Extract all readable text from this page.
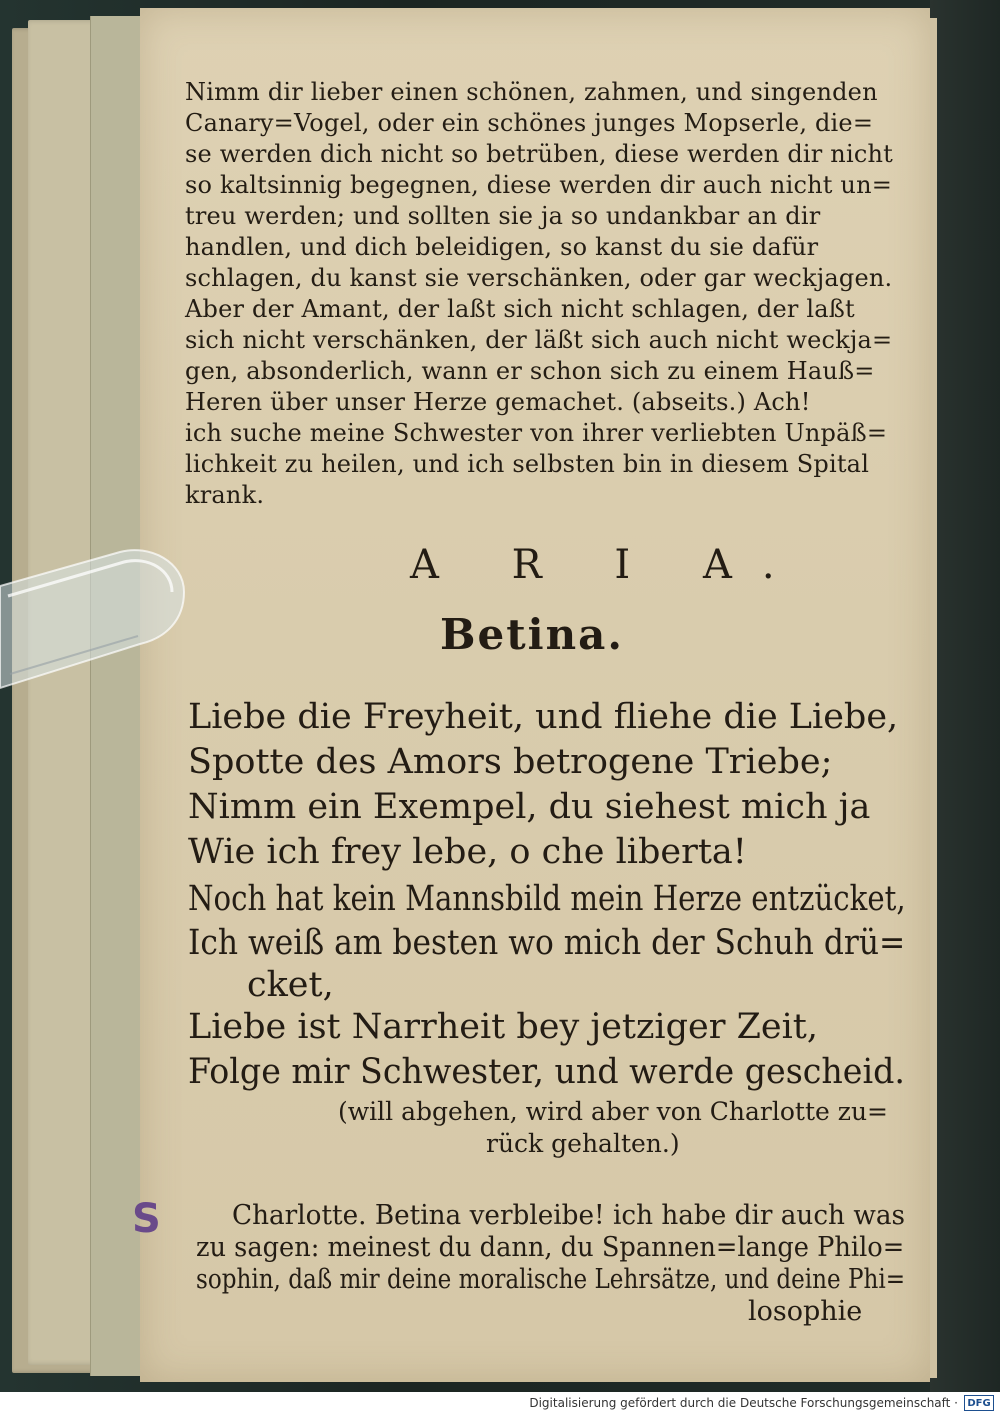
Nimm dir lieber einen schönen, zahmen, und singenden
Canary=Vogel, oder ein schönes junges Mopserle, die=
se werden dich nicht so betrüben, diese werden dir nicht
so kaltsinnig begegnen, diese werden dir auch nicht un=
treu werden; und sollten sie ja so undankbar an dir
handlen, und dich beleidigen, so kanst du sie dafür
schlagen, du kanst sie verschänken, oder gar weckjagen.
Aber der Amant, der laßt sich nicht schlagen, der laßt
sich nicht verschänken, der läßt sich auch nicht weckja=
gen, absonderlich, wann er schon sich zu einem Hauß=
Heren über unser Herze gemachet. (abseits.) Ach!
ich suche meine Schwester von ihrer verliebten Unpäß=
lichkeit zu heilen, und ich selbsten bin in diesem Spital
krank.
A R I A.
Betina.
Liebe die Freyheit, und fliehe die Liebe,
Spotte des Amors betrogene Triebe;
Nimm ein Exempel, du siehest mich ja
Wie ich frey lebe, o che liberta!
Noch hat kein Mannsbild mein Herze entzücket,
Ich weiß am besten wo mich der Schuh drü=
cket,
Liebe ist Narrheit bey jetziger Zeit,
Folge mir Schwester, und werde gescheid.
(will abgehen, wird aber von Charlotte zu=
rück gehalten.)
S	Charlotte. Betina verbleibe! ich habe dir auch was
zu sagen: meinest du dann, du Spannen=lange Philo=
sophin, daß mir deine moralische Lehrsätze, und deine Phi=
losophie
Digitalisierung gefördert durch die Deutsche Forschungsgemeinschaft · DFG
